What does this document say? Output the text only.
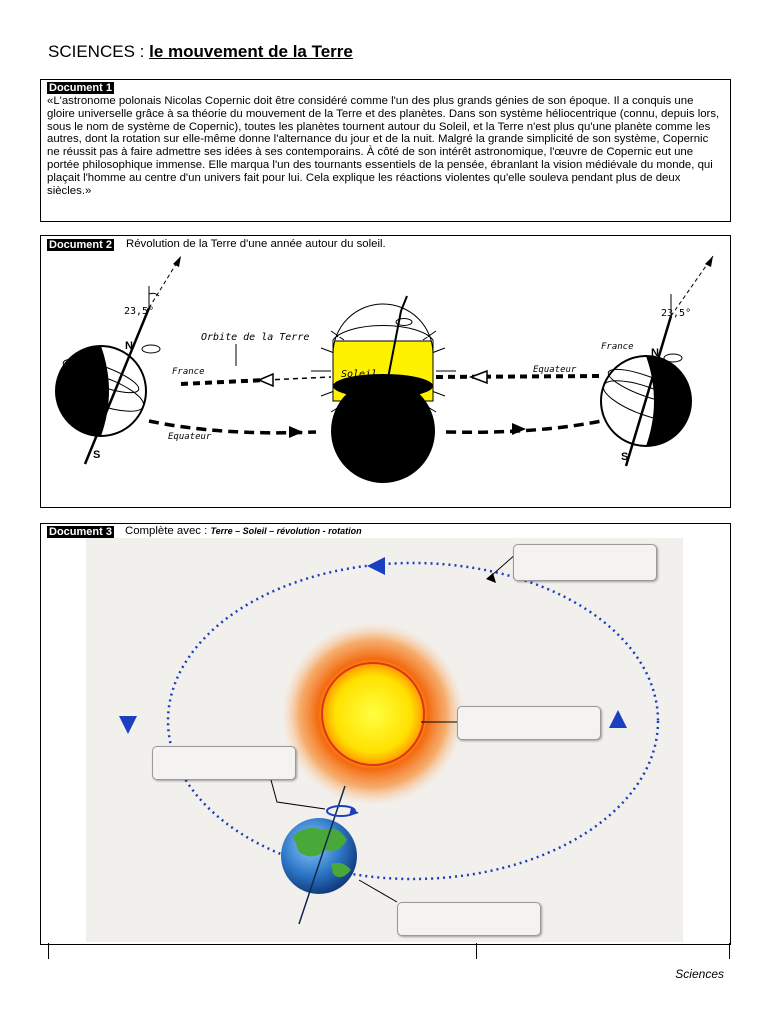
SCIENCES : le mouvement de la Terre
Document 1
«L'astronome polonais Nicolas Copernic doit être considéré comme l'un des plus grands génies de son époque. Il a conquis une gloire universelle grâce à sa théorie du mouvement de la Terre et des planètes. Dans son système héliocentrique (connu, depuis lors, sous le nom de système de Copernic), toutes les planètes tournent autour du Soleil, et la Terre n'est plus qu'une planète comme les autres, dont la rotation sur elle-même donne l'alternance du jour et de la nuit. Malgré la grande simplicité de son système, Copernic ne réussit pas à faire admettre ses idées à ses contemporains. À côté de son intérêt astronomique, l'œuvre de Copernic eut une portée philosophique immense. Elle marqua l'un des tournants essentiels de la pensée, ébranlant la vision médiévale du monde, qui plaçait l'homme au centre d'un univers fait pour lui. Cela explique les réactions violentes qu'elle souleva pendant plus de deux siècles.»
23,5°	23,5°
Orbite de la Terre
Soleil
France
France
Equateur
Equateur
N
N
S	S
Document 2 Révolution de la Terre d'une année autour du soleil.
Document 3 Complète avec : Terre – Soleil – révolution - rotation
Sciences
